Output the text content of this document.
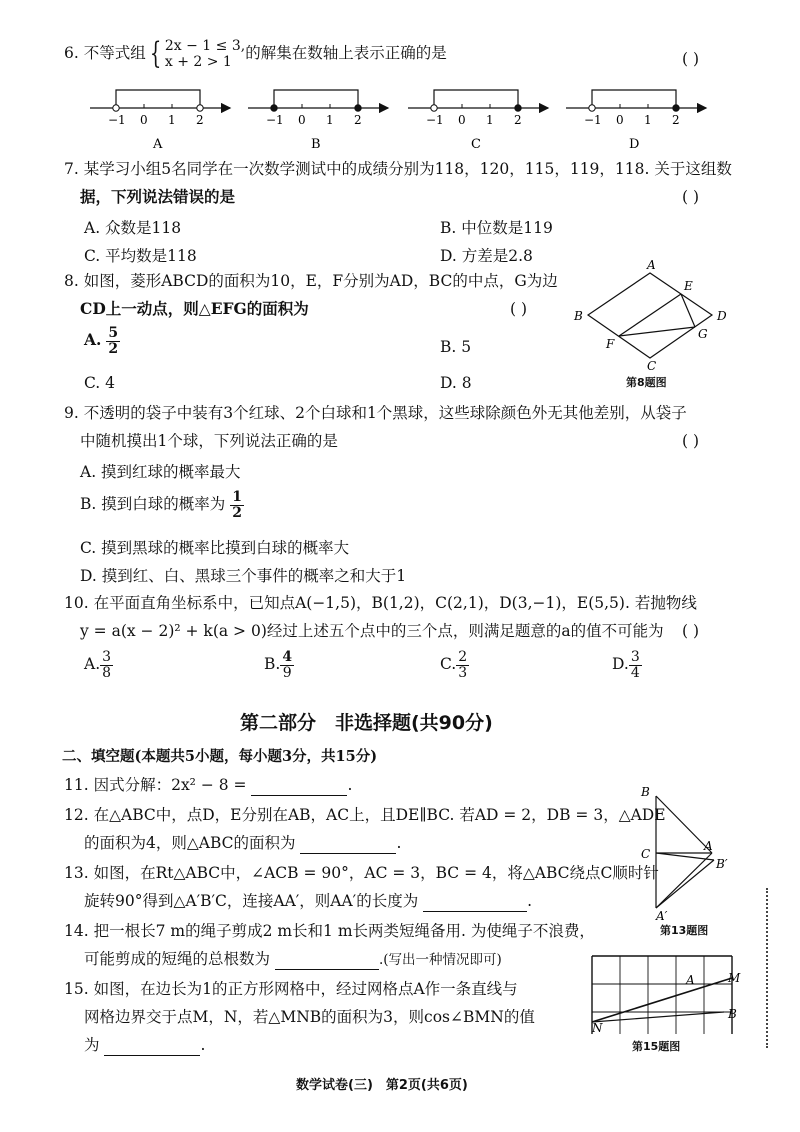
6. 不等式组 { 2x − 1 ≤ 3,
x + 2 > 1 的解集在数轴上表示正确的是	( )
−1 0 1 2
A
−1 0 1 2
B
−1 0 1 2
C
−1 0 1 2
D
7. 某学习小组5名同学在一次数学测试中的成绩分别为118，120，115，119，118. 关于这组数
据，下列说法错误的是	( )
A. 众数是118	B. 中位数是119
C. 平均数是118	D. 方差是2.8
8. 如图，菱形ABCD的面积为10，E，F分别为AD，BC的中点，G为边
CD上一动点，则△EFG的面积为	( )
A. $\frac{5}{2}$	B. 5
C. 4	D. 8
A
B
C
D
E
F
G
第8题图
9. 不透明的袋子中装有3个红球、2个白球和1个黑球，这些球除颜色外无其他差别，从袋子
中随机摸出1个球，下列说法正确的是	( )
A. 摸到红球的概率最大
B. 摸到白球的概率为 $\frac{1}{2}$
C. 摸到黑球的概率比摸到白球的概率大
D. 摸到红、白、黑球三个事件的概率之和大于1
10. 在平面直角坐标系中，已知点A(−1,5)，B(1,2)，C(2,1)，D(3,−1)，E(5,5). 若抛物线
y = a(x − 2)² + k(a > 0)经过上述五个点中的三个点，则满足题意的a的值不可能为 ( )
A. $\frac{3}{8}$	B. $\frac{4}{9}$	C. $\frac{2}{3}$	D. $\frac{3}{4}$
第二部分　非选择题(共90分)
二、填空题(本题共5小题，每小题3分，共15分)
11. 因式分解：2x² − 8 =	.
12. 在△ABC中，点D，E分别在AB，AC上，且DE∥BC. 若AD = 2，DB = 3，△ADE
的面积为4，则△ABC的面积为	.
13. 如图，在Rt△ABC中，∠ACB = 90°，AC = 3，BC = 4，将△ABC绕点C顺时针
旋转90°得到△A′B′C，连接AA′，则AA′的长度为	.
B
C
A
B′
A′
第13题图
14. 把一根长7 m的绳子剪成2 m长和1 m长两类短绳备用. 为使绳子不浪费，
可能剪成的短绳的总根数为	.(写出一种情况即可)
15. 如图，在边长为1的正方形网格中，经过网格点A作一条直线与
网格边界交于点M，N，若△MNB的面积为3，则cos∠BMN的值
为	.
A	M
N
B
第15题图
数学试卷(三)　第2页(共6页)
